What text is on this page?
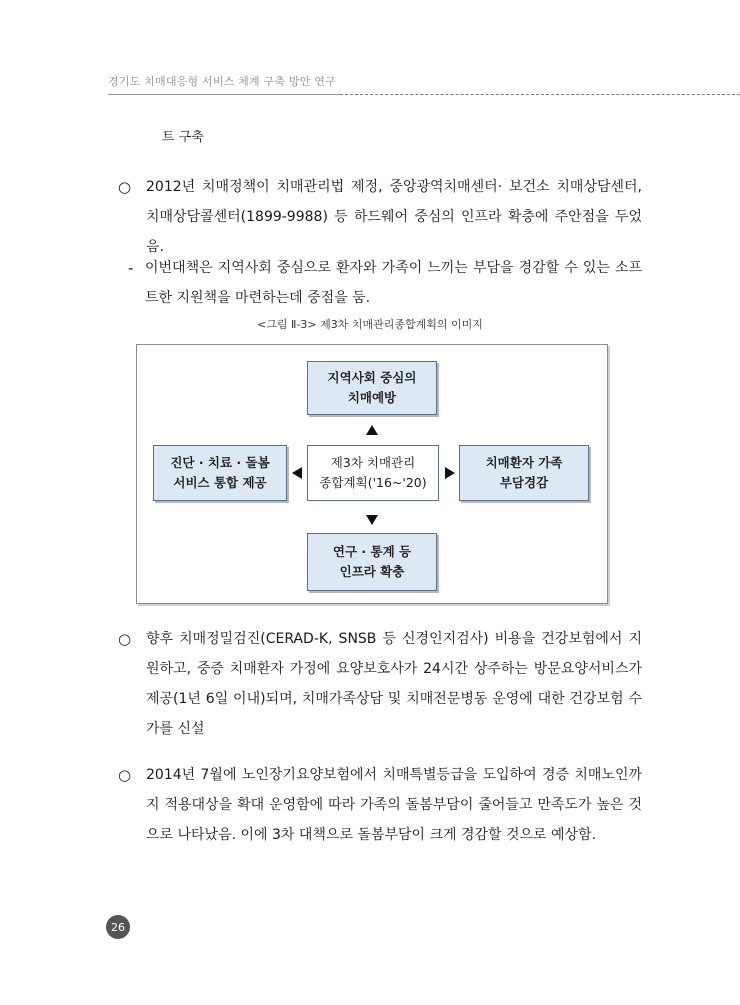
경기도 치매대응형 서비스 체계 구축 방안 연구
트 구축
○ 2012년 치매정책이 치매관리법 제정, 중앙광역치매센터· 보건소 치매상담센터, 치매상담콜센터(1899-9988) 등 하드웨어 중심의 인프라 확충에 주안점을 두었음.
- 이번대책은 지역사회 중심으로 환자와 가족이 느끼는 부담을 경감할 수 있는 소프트한 지원책을 마련하는데 중점을 둠.
<그림 Ⅱ-3> 제3차 치매관리종합계획의 이미지
지역사회 중심의
치매예방
진단 · 치료 · 돌봄
서비스 통합 제공
제3차 치매관리
종합계획('16~'20)
치매환자 가족
부담경감
연구 · 통계 등
인프라 확충
○ 향후 치매정밀검진(CERAD-K, SNSB 등 신경인지검사) 비용을 건강보험에서 지원하고, 중증 치매환자 가정에 요양보호사가 24시간 상주하는 방문요양서비스가 제공(1년 6일 이내)되며, 치매가족상담 및 치매전문병동 운영에 대한 건강보험 수가를 신설
○ 2014년 7월에 노인장기요양보험에서 치매특별등급을 도입하여 경증 치매노인까지 적용대상을 확대 운영함에 따라 가족의 돌봄부담이 줄어들고 만족도가 높은 것으로 나타났음. 이에 3차 대책으로 돌봄부담이 크게 경감할 것으로 예상함.
26
